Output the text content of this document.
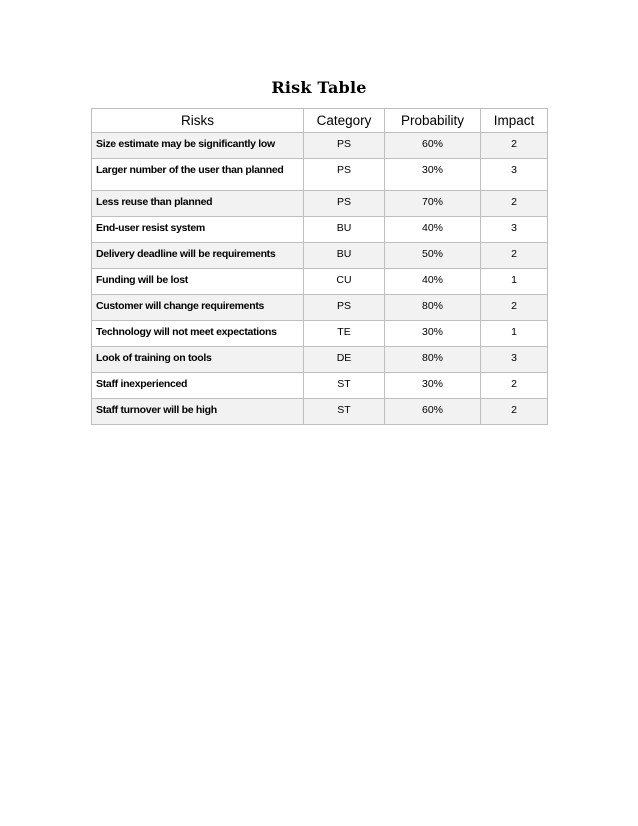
Risk Table
Risks	Category	Probability	Impact
Size estimate may be significantly low	PS	60%	2
Larger number of the user than planned	PS	30%	3
Less reuse than planned	PS	70%	2
End-user resist system	BU	40%	3
Delivery deadline will be requirements	BU	50%	2
Funding will be lost	CU	40%	1
Customer will change requirements	PS	80%	2
Technology will not meet expectations	TE	30%	1
Look of training on tools	DE	80%	3
Staff inexperienced	ST	30%	2
Staff turnover will be high	ST	60%	2
